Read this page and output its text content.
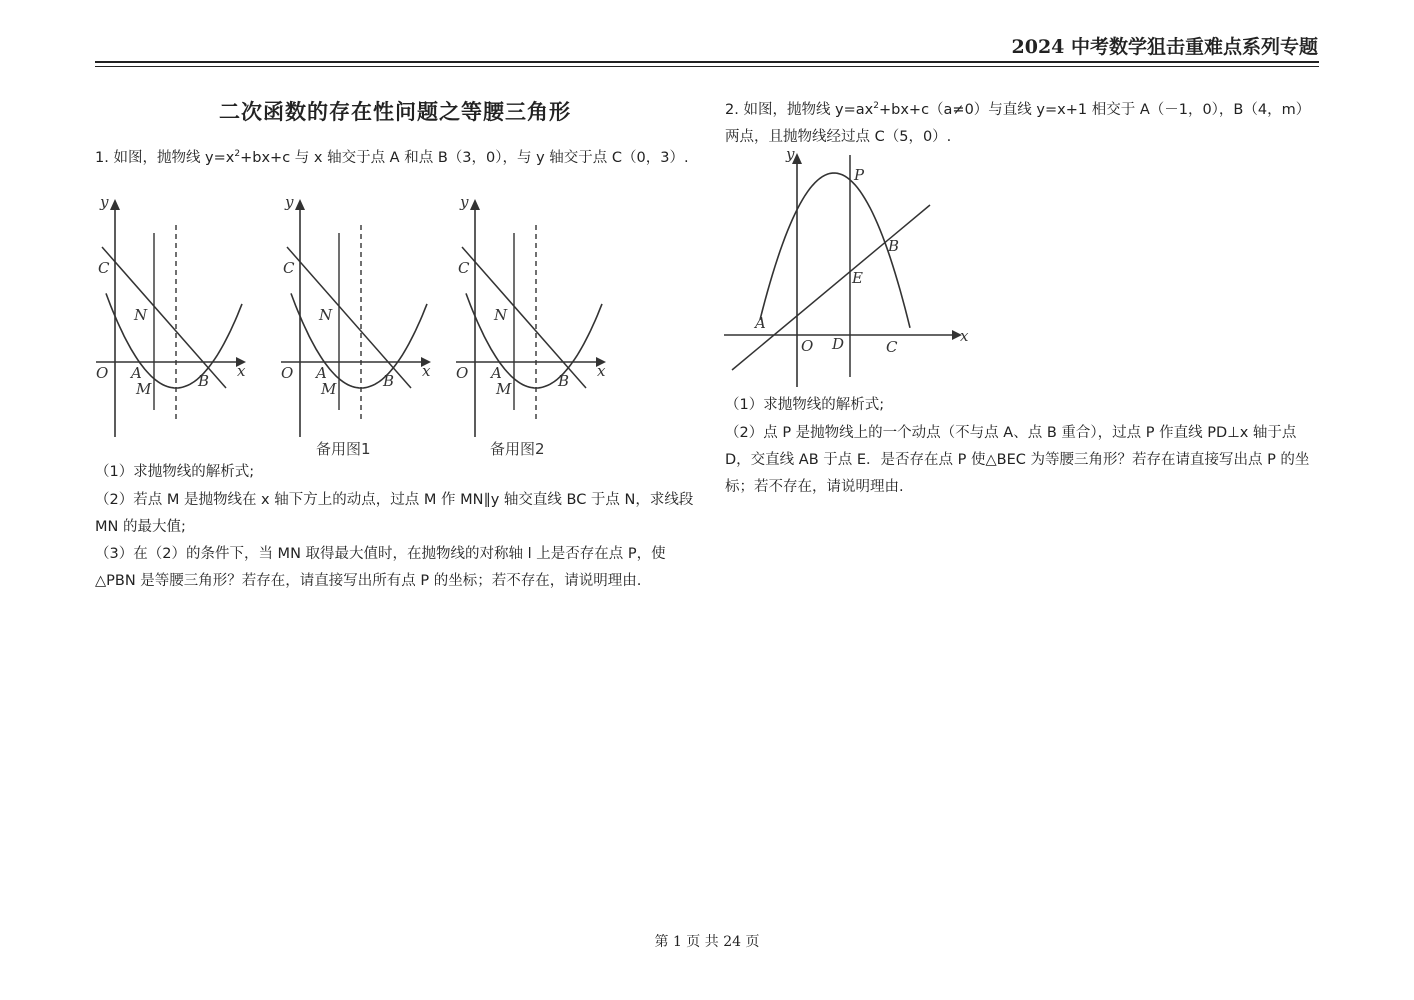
2024 中考数学狙击重难点系列专题
二次函数的存在性问题之等腰三角形
1. 如图，抛物线 $y=x^2+bx+c$ 与 x 轴交于点 A 和点 B（3，0），与 y 轴交于点 C（0，3）.
y
x
O
C
A
M	B
N
y
x
O
C
A
M	B
N
y
x
O
C
A
M	B
N
备用图1	备用图2
（1）求抛物线的解析式;
（2）若点 M 是抛物线在 x 轴下方上的动点，过点 M 作 MN∥y 轴交直线 BC 于点 N，求线段 MN 的最大值;
（3）在（2）的条件下，当 MN 取得最大值时，在抛物线的对称轴 l 上是否存在点 P，使△PBN 是等腰三角形？若存在，请直接写出所有点 P 的坐标；若不存在，请说明理由.
2. 如图，抛物线 $y=ax^2+bx+c(a\ne 0)$与直线 y=x+1 相交于 A（－1，0），B（4，m）两点，且抛物线经过点 C（5，0）.
y
x
O
A
D	C
P
E
B
（1）求抛物线的解析式;
（2）点 P 是抛物线上的一个动点（不与点 A、点 B 重合），过点 P 作直线 PD⊥x 轴于点 D，交直线 AB 于点 E．是否存在点 P 使△BEC 为等腰三角形？若存在请直接写出点 P 的坐标；若不存在，请说明理由.
第 1 页 共 24 页
